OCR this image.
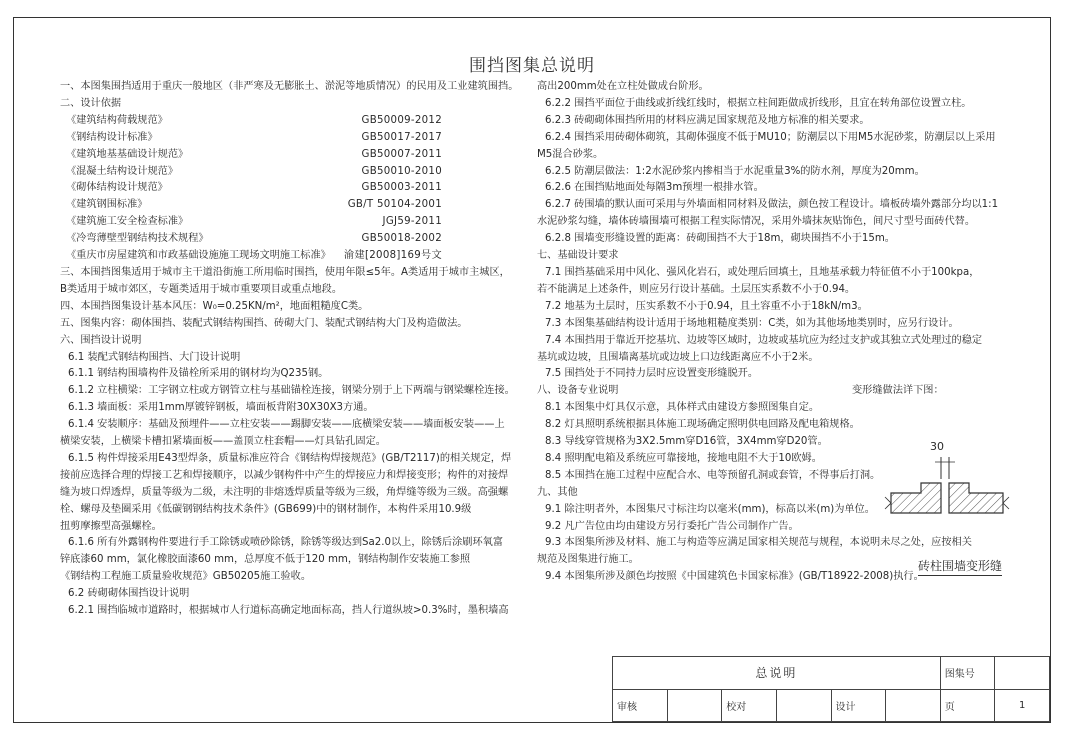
围挡图集总说明
一、本图集围挡适用于重庆一般地区（非严寒及无膨胀土、淤泥等地质情况）的民用及工业建筑围挡。
二、设计依据
《建筑结构荷载规范》	GB50009-2012
《钢结构设计标准》	GB50017-2017
《建筑地基基础设计规范》	GB50007-2011
《混凝土结构设计规范》	GB50010-2010
《砌体结构设计规范》	GB50003-2011
《建筑钢围标准》	GB/T 50104-2001
《建筑施工安全检查标准》	JGJ59-2011
《冷弯薄壁型钢结构技术规程》	GB50018-2002
《重庆市房屋建筑和市政基础设施施工现场文明施工标准》 渝建[2008]169号文
三、本围挡图集适用于城市主干道沿街施工所用临时围挡，使用年限≤5年。A类适用于城市主城区，
B类适用于城市郊区，专题类适用于城市重要项目或重点地段。
四、本围挡图集设计基本风压：W₀=0.25KN/m²，地面粗糙度C类。
五、图集内容：砌体围挡、装配式钢结构围挡、砖砌大门、装配式钢结构大门及构造做法。
六、围挡设计说明
6.1 装配式钢结构围挡、大门设计说明
6.1.1 钢结构围墙构件及锚栓所采用的钢材均为Q235钢。
6.1.2 立柱横梁：工字钢立柱或方钢管立柱与基础锚栓连接，钢梁分别于上下两端与钢梁螺栓连接。
6.1.3 墙面板：采用1mm厚镀锌钢板，墙面板背附30X30X3方通。
6.1.4 安装顺序：基础及预埋件——立柱安装——踢脚安装——底横梁安装——墙面板安装——上
横梁安装，上横梁卡槽扣紧墙面板——盖顶立柱套帽——灯具钻孔固定。
6.1.5 构件焊接采用E43型焊条，质量标准应符合《钢结构焊接规范》(GB/T2117)的相关规定，焊
接前应选择合理的焊接工艺和焊接顺序，以减少钢构件中产生的焊接应力和焊接变形；构件的对接焊
缝为坡口焊透焊，质量等级为二级，未注明的非熔透焊质量等级为三级，角焊缝等级为三级。高强螺
栓、螺母及垫圈采用《低碳钢钢结构技术条件》(GB699)中的钢材制作，本构件采用10.9级
扭剪摩擦型高强螺栓。
6.1.6 所有外露钢构件要进行手工除锈或喷砂除锈，除锈等级达到Sa2.0以上，除锈后涂刷环氧富
锌底漆60 mm，氯化橡胶面漆60 mm，总厚度不低于120 mm，钢结构制作安装施工参照
《钢结构工程施工质量验收规范》GB50205施工验收。
6.2 砖砌砌体围挡设计说明
6.2.1 围挡临城市道路时，根据城市人行道标高确定地面标高，挡人行道纵坡>0.3%时，墨积墙高
高出200mm处在立柱处做成台阶形。
6.2.2 围挡平面位于曲线或折线红线时，根据立柱间距做成折线形，且宜在转角部位设置立柱。
6.2.3 砖砌砌体围挡所用的材料应满足国家规范及地方标准的相关要求。
6.2.4 围挡采用砖砌体砌筑，其砌体强度不低于MU10；防潮层以下用M5水泥砂浆，防潮层以上采用
M5混合砂浆。
6.2.5 防潮层做法：1:2水泥砂浆内掺相当于水泥重量3%的防水剂，厚度为20mm。
6.2.6 在围挡贴地面处每隔3m预埋一根排水管。
6.2.7 砖围墙的默认面可采用与外墙面相同材料及做法，颜色按工程设计。墙板砖墙外露部分均以1:1
水泥砂浆勾缝，墙体砖墙围墙可根据工程实际情况，采用外墙抹灰贴饰色，间尺寸型号面砖代替。
6.2.8 围墙变形缝设置的距离：砖砌围挡不大于18m，砌块围挡不小于15m。
七、基础设计要求
7.1 围挡基础采用中风化、强风化岩石，或处理后回填土，且地基承载力特征值不小于100kpa，
若不能满足上述条件，则应另行设计基础。土层压实系数不小于0.94。
7.2 地基为土层时，压实系数不小于0.94，且土容重不小于18kN/m3。
7.3 本图集基础结构设计适用于场地粗糙度类别：C类，如为其他场地类别时，应另行设计。
7.4 本围挡用于靠近开挖基坑、边坡等区域时，边坡或基坑应为经过支护或其独立式处理过的稳定
基坑或边坡，且围墙离基坑或边坡上口边线距离应不小于2米。
7.5 围挡处于不同持力层时应设置变形缝脱开。
八、设备专业说明	变形缝做法详下图：
8.1 本图集中灯具仅示意，具体样式由建设方参照图集自定。
8.2 灯具照明系统根据具体施工现场确定照明供电回路及配电箱规格。
8.3 导线穿管规格为3X2.5mm穿D16管，3X4mm穿D20管。
8.4 照明配电箱及系统应可靠接地，接地电阻不大于10欧姆。
8.5 本围挡在施工过程中应配合水、电等预留孔洞或套管，不得事后打洞。
九、其他
9.1 除注明者外，本图集尺寸标注均以毫米(mm)，标高以米(m)为单位。
9.2 凡广告位由均由建设方另行委托广告公司制作广告。
9.3 本图集所涉及材料、施工与构造等应满足国家相关规范与规程，本说明未尽之处，应按相关
规范及图集进行施工。
9.4 本图集所涉及颜色均按照《中国建筑色卡国家标准》(GB/T18922-2008)执行。
30
砖柱围墙变形缝
总说明						图集号	
审核		校对		设计		页	1
